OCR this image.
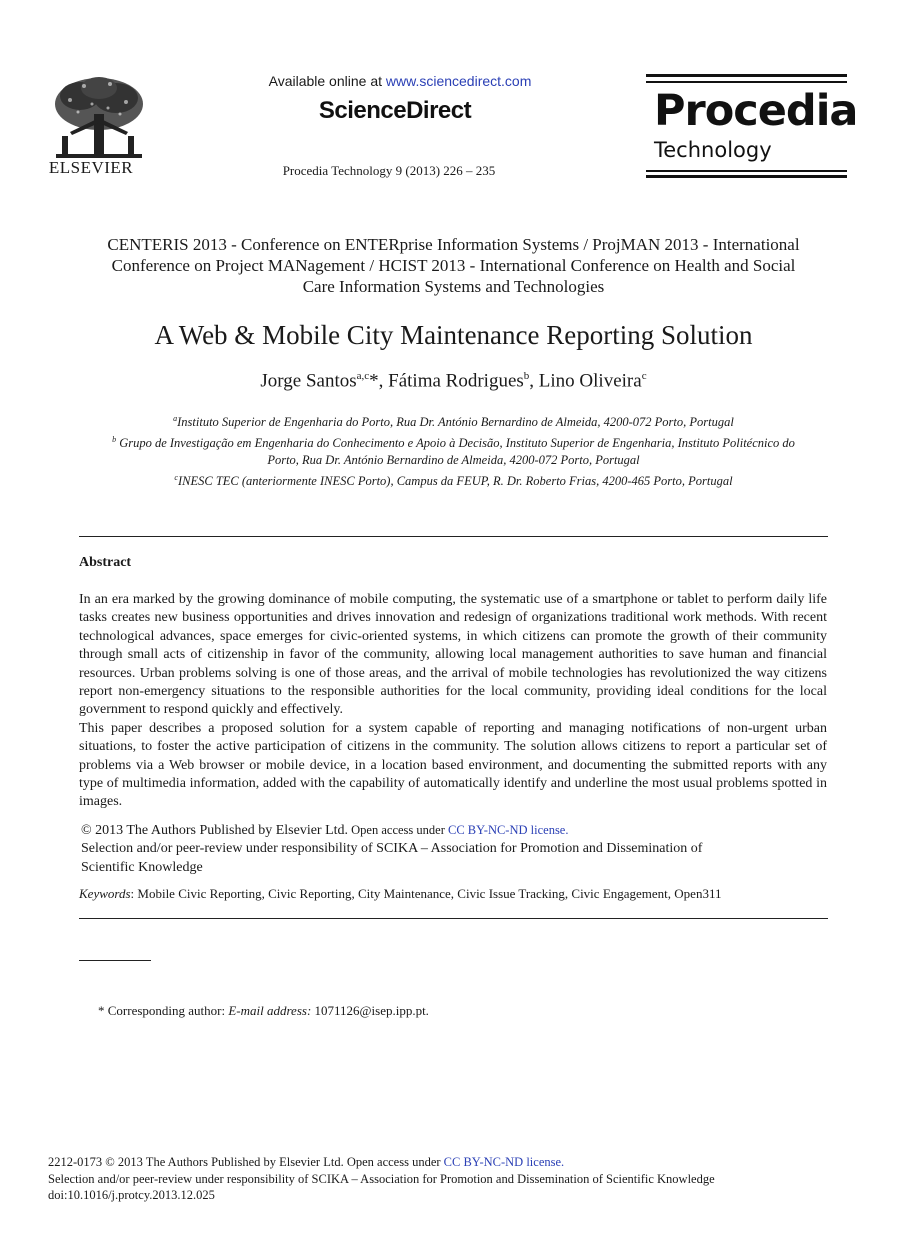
ELSEVIER
Available online at www.sciencedirect.com
ScienceDirect
Procedia Technology 9 (2013) 226 – 235
Procedia
Technology
CENTERIS 2013 - Conference on ENTERprise Information Systems / ProjMAN 2013 - International
Conference on Project MANagement / HCIST 2013 - International Conference on Health and Social
Care Information Systems and Technologies
A Web & Mobile City Maintenance Reporting Solution
Jorge Santos$^{a,c}$*, Fátima Rodrigues$^b$, Lino Oliveira$^c$
$^a$Instituto Superior de Engenharia do Porto, Rua Dr. António Bernardino de Almeida, 4200-072 Porto, Portugal
$^b$ Grupo de Investigação em Engenharia do Conhecimento e Apoio à Decisão, Instituto Superior de Engenharia, Instituto Politécnico do
Porto, Rua Dr. António Bernardino de Almeida, 4200-072 Porto, Portugal
$^c$INESC TEC (anteriormente INESC Porto), Campus da FEUP, R. Dr. Roberto Frias, 4200-465 Porto, Portugal
Abstract

In an era marked by the growing dominance of mobile computing, the systematic use of a smartphone or tablet to perform daily life tasks creates new business opportunities and drives innovation and redesign of organizations traditional work methods. With recent technological advances, space emerges for civic-oriented systems, in which citizens can promote the growth of their community through small acts of citizenship in favor of the community, allowing local management authorities to save human and financial resources. Urban problems solving is one of those areas, and the arrival of mobile technologies has revolutionized the way citizens report non-emergency situations to the responsible authorities for the local community, providing ideal conditions for the local government to respond quickly and effectively.

This paper describes a proposed solution for a system capable of reporting and managing notifications of non-urgent urban situations, to foster the active participation of citizens in the community. The solution allows citizens to report a particular set of problems via a Web browser or mobile device, in a location based environment, and documenting the submitted reports with any type of multimedia information, added with the capability of automatically identify and underline the most usual problems spotted in images.

© 2013 The Authors Published by Elsevier Ltd. Open access under CC BY-NC-ND license.
Selection and/or peer-review under responsibility of SCIKA – Association for Promotion and Dissemination of
Scientific Knowledge
Keywords: Mobile Civic Reporting, Civic Reporting, City Maintenance, Civic Issue Tracking, Civic Engagement, Open311
* Corresponding author: E-mail address: 1071126@isep.ipp.pt.
2212-0173 © 2013 The Authors Published by Elsevier Ltd. Open access under CC BY-NC-ND license.
Selection and/or peer-review under responsibility of SCIKA – Association for Promotion and Dissemination of Scientific Knowledge
doi:10.1016/j.protcy.2013.12.025
